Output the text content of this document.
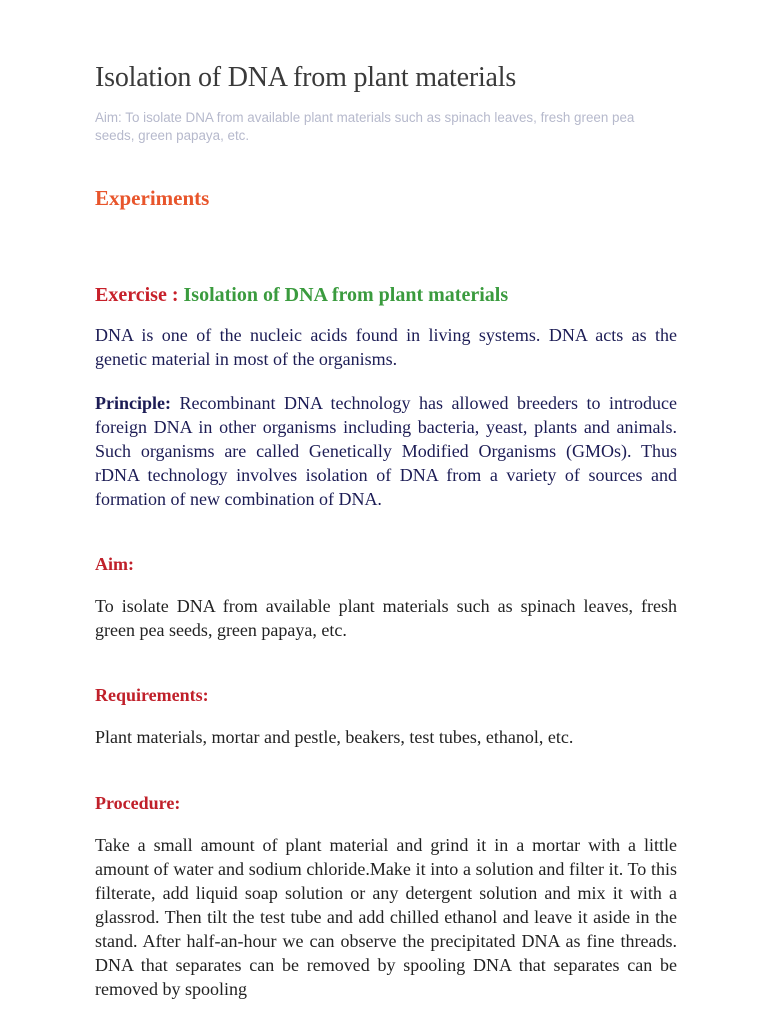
Isolation of DNA from plant materials
Aim: To isolate DNA from available plant materials such as spinach leaves, fresh green pea seeds, green papaya, etc.
Experiments
Exercise : Isolation of DNA from plant materials
DNA is one of the nucleic acids found in living systems. DNA acts as the genetic material in most of the organisms.
Principle: Recombinant DNA technology has allowed breeders to introduce foreign DNA in other organisms including bacteria, yeast, plants and animals. Such organisms are called Genetically Modified Organisms (GMOs). Thus rDNA technology involves isolation of DNA from a variety of sources and formation of new combination of DNA.
Aim:
To isolate DNA from available plant materials such as spinach leaves, fresh green pea seeds, green papaya, etc.
Requirements:
Plant materials, mortar and pestle, beakers, test tubes, ethanol, etc.
Procedure:
Take a small amount of plant material and grind it in a mortar with a little amount of water and sodium chloride.Make it into a solution and filter it. To this filterate, add liquid soap solution or any detergent solution and mix it with a glassrod. Then tilt the test tube and add chilled ethanol and leave it aside in the stand. After half-an-hour we can observe the precipitated DNA as fine threads. DNA that separates can be removed by spooling DNA that separates can be removed by spooling
